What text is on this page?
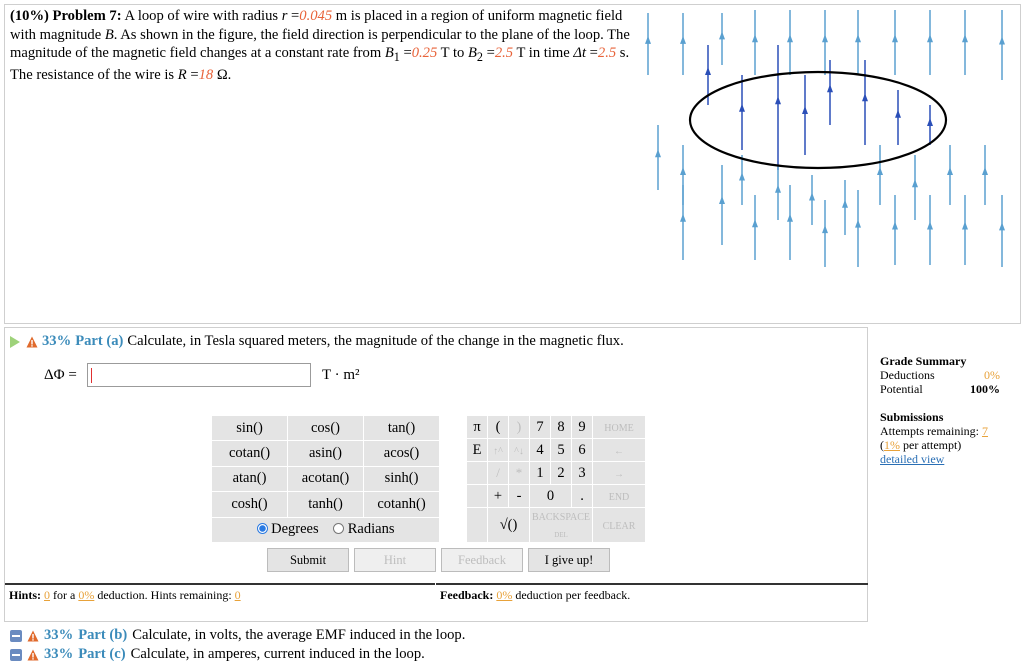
(10%) Problem 7: A loop of wire with radius r =0.045 m is placed in a region of uniform magnetic field with magnitude B. As shown in the figure, the field direction is perpendicular to the plane of the loop. The magnitude of the magnetic field changes at a constant rate from $B_1 =0.25$ T to $B_2 =2.5$ T in time Δt =2.5 s. The resistance of the wire is R =18 Ω.
33% Part (a) Calculate, in Tesla squared meters, the magnitude of the change in the magnetic flux.
ΔΦ =	T · m²
sin()	cos()	tan()
cotan()	asin()	acos()
atan()	acotan()	sinh()
cosh()	tanh()	cotanh()
Degrees Radians		
π	(	)	7	8	9	HOME
E	↑^	^↓	4	5	6	←
	/	*	1	2	3	→
	+	-	0		.	END
	√()		BACKSPACE DEL			CLEAR
Submit	Hint	Feedback	I give up!
Hints: 0 for a 0% deduction. Hints remaining: 0	Feedback: 0% deduction per feedback.
Grade Summary
Deductions	0%
Potential	100%
Submissions
Attempts remaining: 7
(1% per attempt)
detailed view
33% Part (b) Calculate, in volts, the average EMF induced in the loop.
33% Part (c) Calculate, in amperes, current induced in the loop.
